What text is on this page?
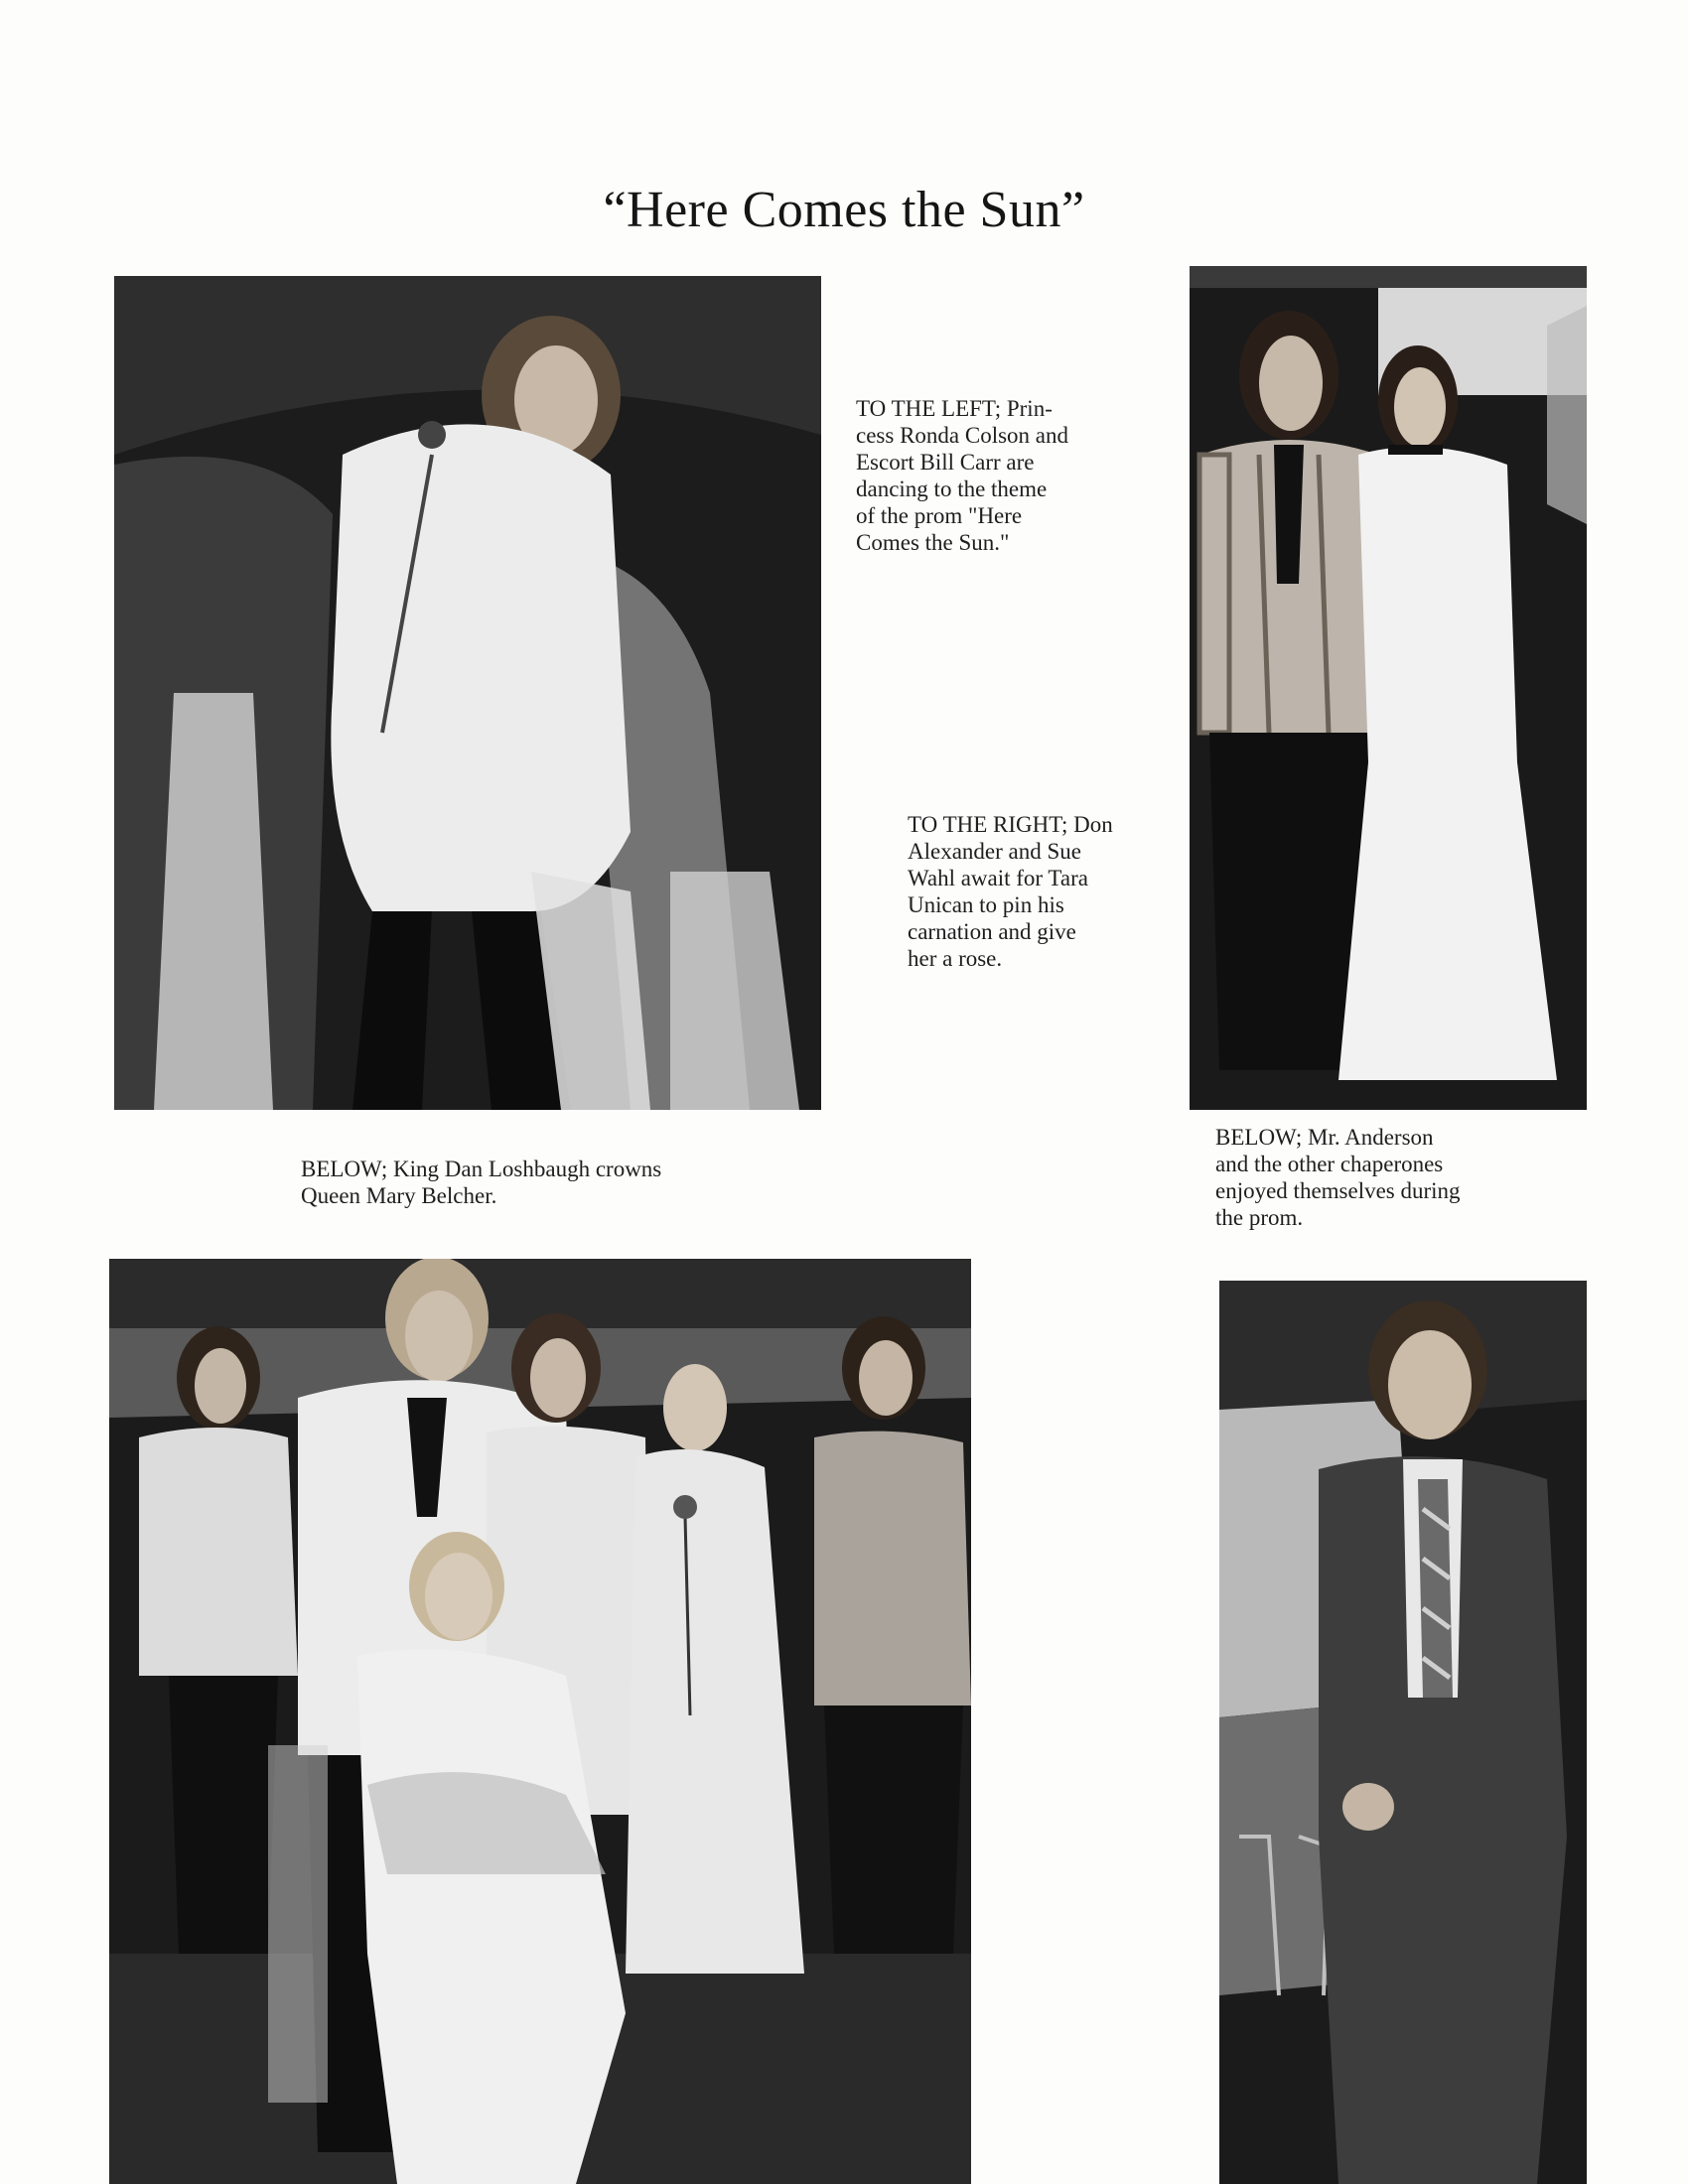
“Here Comes the Sun”
TO THE LEFT; Prin-
cess Ronda Colson and
Escort Bill Carr are
dancing to the theme
of the prom "Here
Comes the Sun."
TO THE RIGHT; Don
Alexander and Sue
Wahl await for Tara
Unican to pin his
carnation and give
her a rose.
BELOW; King Dan Loshbaugh crowns
Queen Mary Belcher.
BELOW; Mr. Anderson
and the other chaperones
enjoyed themselves during
the prom.
